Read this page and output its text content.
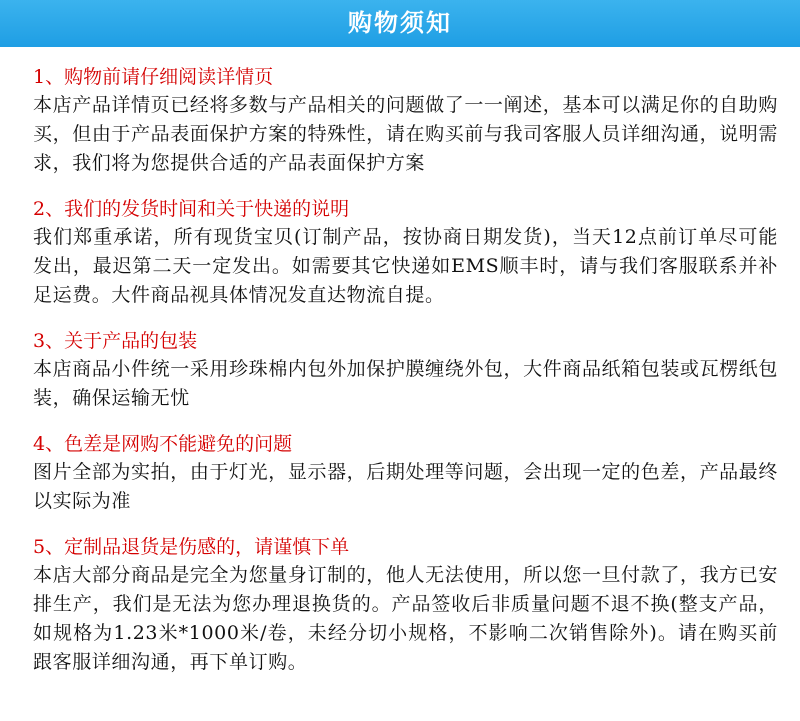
购物须知

1、购物前请仔细阅读详情页

本店产品详情页已经将多数与产品相关的问题做了一一阐述，基本可以满足你的自助购买，但由于产品表面保护方案的特殊性，请在购买前与我司客服人员详细沟通，说明需求，我们将为您提供合适的产品表面保护方案

2、我们的发货时间和关于快递的说明

我们郑重承诺，所有现货宝贝(订制产品，按协商日期发货)，当天12点前订单尽可能发出，最迟第二天一定发出。如需要其它快递如EMS顺丰时，请与我们客服联系并补足运费。大件商品视具体情况发直达物流自提。

3、关于产品的包装

本店商品小件统一采用珍珠棉内包外加保护膜缠绕外包，大件商品纸箱包装或瓦楞纸包装，确保运输无忧

4、色差是网购不能避免的问题

图片全部为实拍，由于灯光，显示器，后期处理等问题，会出现一定的色差，产品最终以实际为准

5、定制品退货是伤感的，请谨慎下单

本店大部分商品是完全为您量身订制的，他人无法使用，所以您一旦付款了，我方已安排生产，我们是无法为您办理退换货的。产品签收后非质量问题不退不换(整支产品，如规格为1.23米*1000米/卷，未经分切小规格，不影响二次销售除外)。请在购买前跟客服详细沟通，再下单订购。
